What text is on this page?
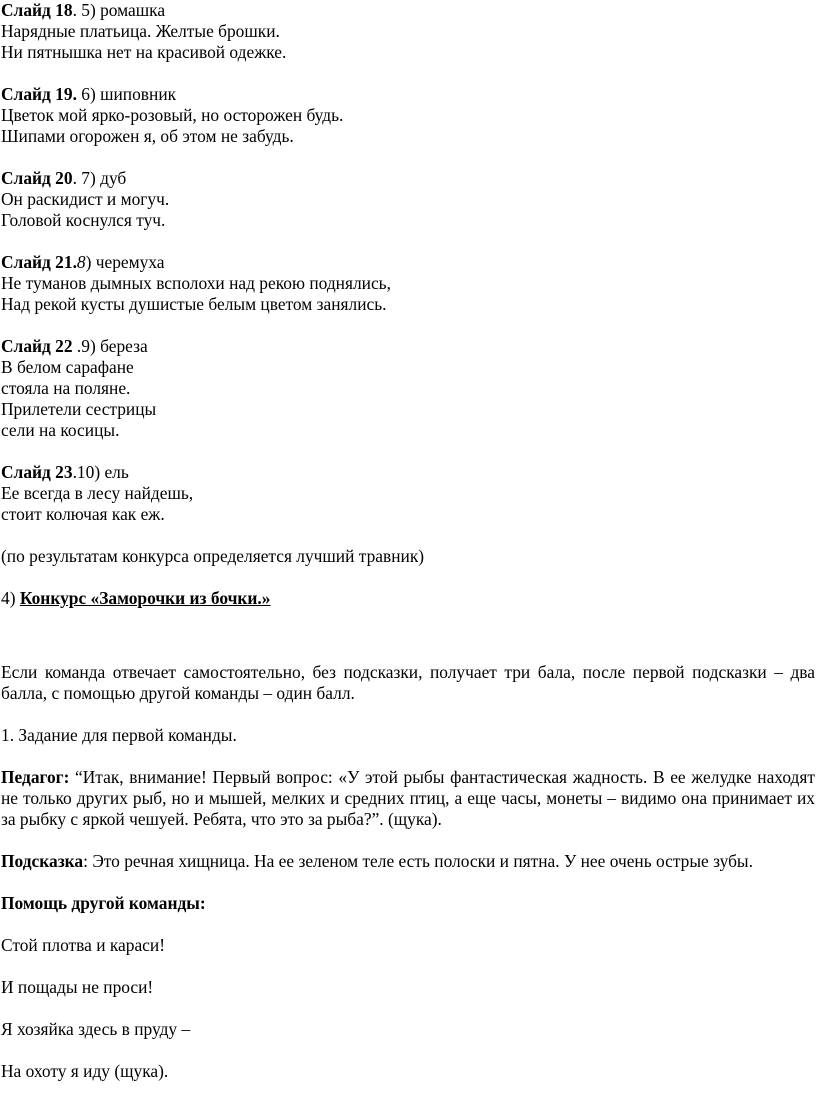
Слайд 18. 5) ромашка
Нарядные платьица. Желтые брошки.
Ни пятнышка нет на красивой одежке.
Слайд 19. 6) шиповник
Цветок мой ярко-розовый, но осторожен будь.
Шипами огорожен я, об этом не забудь.
Слайд 20. 7) дуб
Он раскидист и могуч.
Головой коснулся туч.
Слайд 21.8) черемуха
Не туманов дымных всполохи над рекою поднялись,
Над рекой кусты душистые белым цветом занялись.
Слайд 22 .9) береза
В белом сарафане
стояла на поляне.
Прилетели сестрицы
сели на косицы.
Слайд 23.10) ель
Ее всегда в лесу найдешь,
стоит колючая как еж.
(по результатам конкурса определяется лучший травник)
4) Конкурс «Заморочки из бочки.»
Если команда отвечает самостоятельно, без подсказки, получает три бала, после первой подсказки – два балла, с помощью другой команды – один балл.
1. Задание для первой команды.
Педагог: “Итак, внимание! Первый вопрос: «У этой рыбы фантастическая жадность. В ее желудке находят не только других рыб, но и мышей, мелких и средних птиц, а еще часы, монеты – видимо она принимает их за рыбку с яркой чешуей. Ребята, что это за рыба?”. (щука).
Подсказка: Это речная хищница. На ее зеленом теле есть полоски и пятна. У нее очень острые зубы.
Помощь другой команды:
Стой плотва и караси!
И пощады не проси!
Я хозяйка здесь в пруду –
На охоту я иду (щука).
